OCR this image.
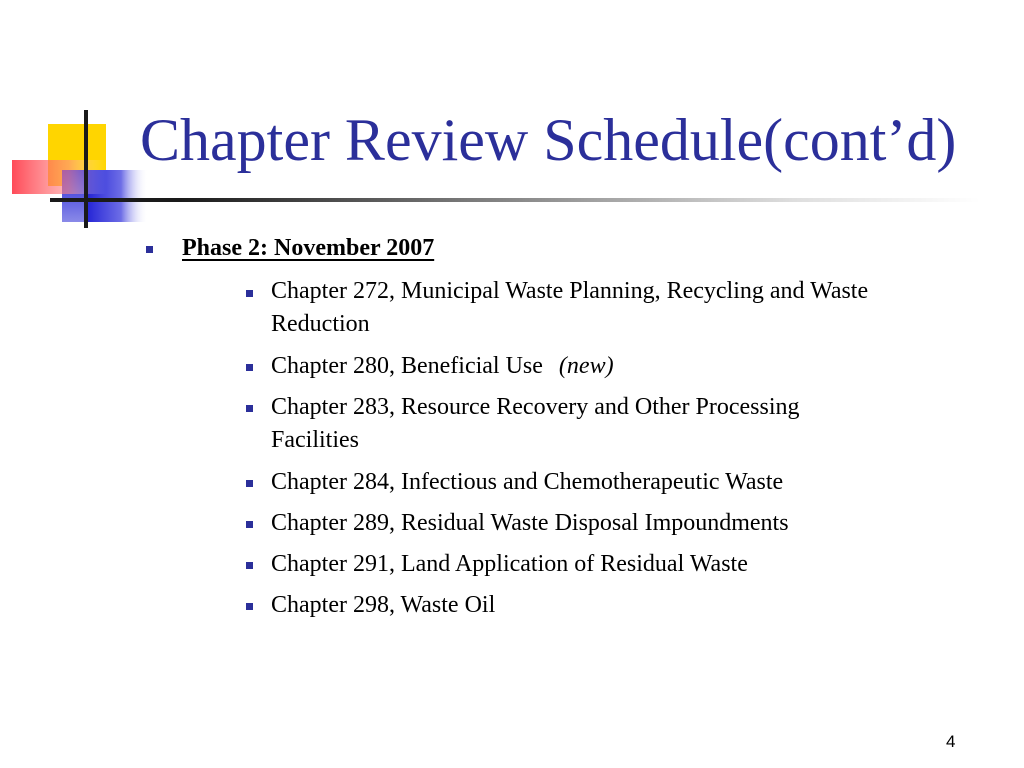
Chapter Review Schedule(cont’d)
Phase 2: November 2007
Chapter 272, Municipal Waste Planning, Recycling and Waste
Reduction
Chapter 280, Beneficial Use (new)
Chapter 283, Resource Recovery and Other Processing
Facilities
Chapter 284, Infectious and Chemotherapeutic Waste
Chapter 289, Residual Waste Disposal Impoundments
Chapter 291, Land Application of Residual Waste
Chapter 298, Waste Oil
4
